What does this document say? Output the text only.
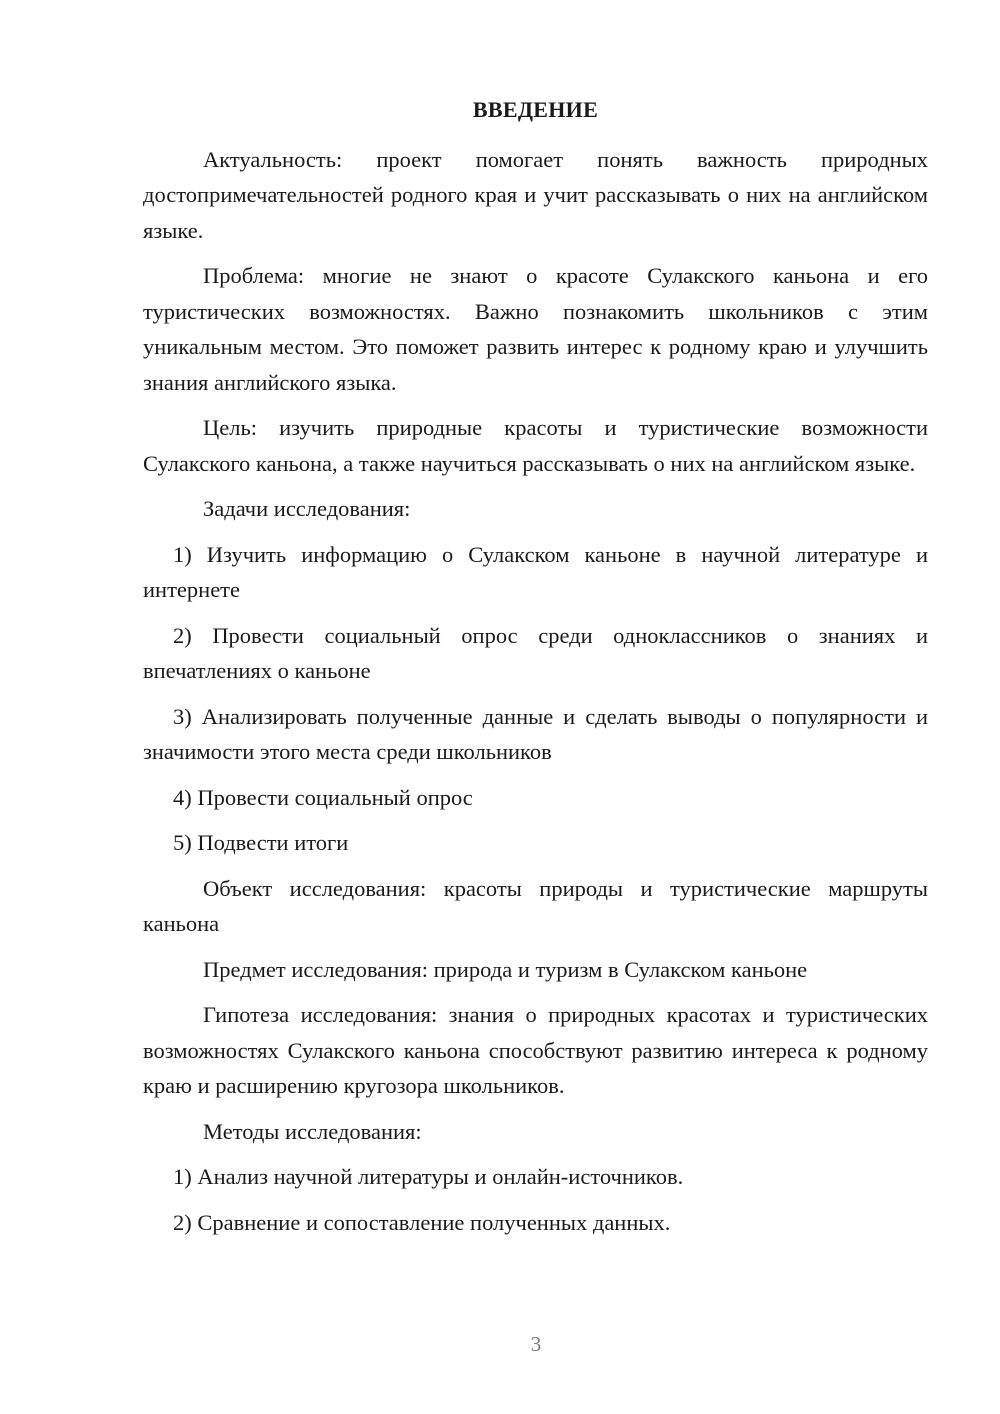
ВВЕДЕНИЕ

Актуальность: проект помогает понять важность природных достопримечательностей родного края и учит рассказывать о них на английском языке.

Проблема: многие не знают о красоте Сулакского каньона и его туристических возможностях. Важно познакомить школьников с этим уникальным местом. Это поможет развить интерес к родному краю и улучшить знания английского языка.

Цель: изучить природные красоты и туристические возможности Сулакского каньона, а также научиться рассказывать о них на английском языке.

Задачи исследования:

1) Изучить информацию о Сулакском каньоне в научной литературе и интернете

2) Провести социальный опрос среди одноклассников о знаниях и впечатлениях о каньоне

3) Анализировать полученные данные и сделать выводы о популярности и значимости этого места среди школьников

4) Провести социальный опрос

5) Подвести итоги

Объект исследования: красоты природы и туристические маршруты каньона

Предмет исследования: природа и туризм в Сулакском каньоне

Гипотеза исследования: знания о природных красотах и туристических возможностях Сулакского каньона способствуют развитию интереса к родному краю и расширению кругозора школьников.

Методы исследования:

1) Анализ научной литературы и онлайн-источников.

2) Сравнение и сопоставление полученных данных.

3
